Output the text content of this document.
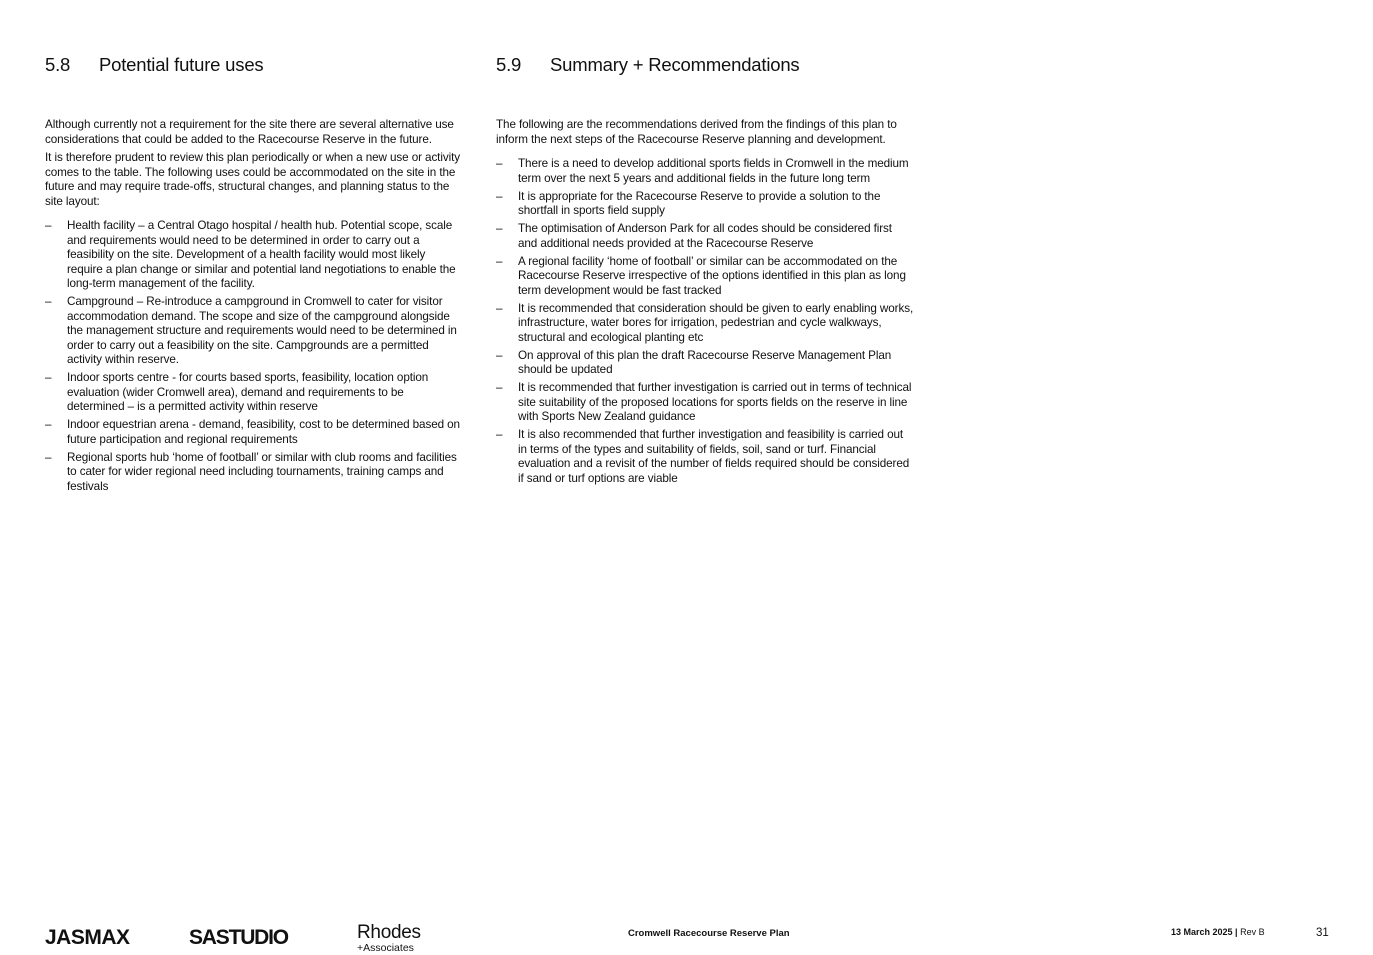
5.8	Potential future uses

Although currently not a requirement for the site there are several alternative use considerations that could be added to the Racecourse Reserve in the future.

It is therefore prudent to review this plan periodically or when a new use or activity comes to the table. The following uses could be accommodated on the site in the future and may require trade-offs, structural changes, and planning status to the site layout:

– Health facility – a Central Otago hospital / health hub. Potential scope, scale and requirements would need to be determined in order to carry out a feasibility on the site. Development of a health facility would most likely require a plan change or similar and potential land negotiations to enable the long-term management of the facility.
– Campground – Re-introduce a campground in Cromwell to cater for visitor accommodation demand. The scope and size of the campground alongside the management structure and requirements would need to be determined in order to carry out a feasibility on the site. Campgrounds are a permitted activity within reserve.
– Indoor sports centre - for courts based sports, feasibility, location option evaluation (wider Cromwell area), demand and requirements to be determined – is a permitted activity within reserve
– Indoor equestrian arena - demand, feasibility, cost to be determined based on future participation and regional requirements
– Regional sports hub ‘home of football’ or similar with club rooms and facilities to cater for wider regional need including tournaments, training camps and festivals
5.9	Summary + Recommendations

The following are the recommendations derived from the findings of this plan to inform the next steps of the Racecourse Reserve planning and development.

– There is a need to develop additional sports fields in Cromwell in the medium term over the next 5 years and additional fields in the future long term
– It is appropriate for the Racecourse Reserve to provide a solution to the shortfall in sports field supply
– The optimisation of Anderson Park for all codes should be considered first and additional needs provided at the Racecourse Reserve
– A regional facility ‘home of football’ or similar can be accommodated on the Racecourse Reserve irrespective of the options identified in this plan as long term development would be fast tracked
– It is recommended that consideration should be given to early enabling works, infrastructure, water bores for irrigation, pedestrian and cycle walkways, structural and ecological planting etc
– On approval of this plan the draft Racecourse Reserve Management Plan should be updated
– It is recommended that further investigation is carried out in terms of technical site suitability of the proposed locations for sports fields on the reserve in line with Sports New Zealand guidance
– It is also recommended that further investigation and feasibility is carried out in terms of the types and suitability of fields, soil, sand or turf. Financial evaluation and a revisit of the number of fields required should be considered if sand or turf options are viable
JASMAX	SASTUDIO	Rhodes
+Associates
Cromwell Racecourse Reserve Plan	13 March 2025 | Rev B	31
